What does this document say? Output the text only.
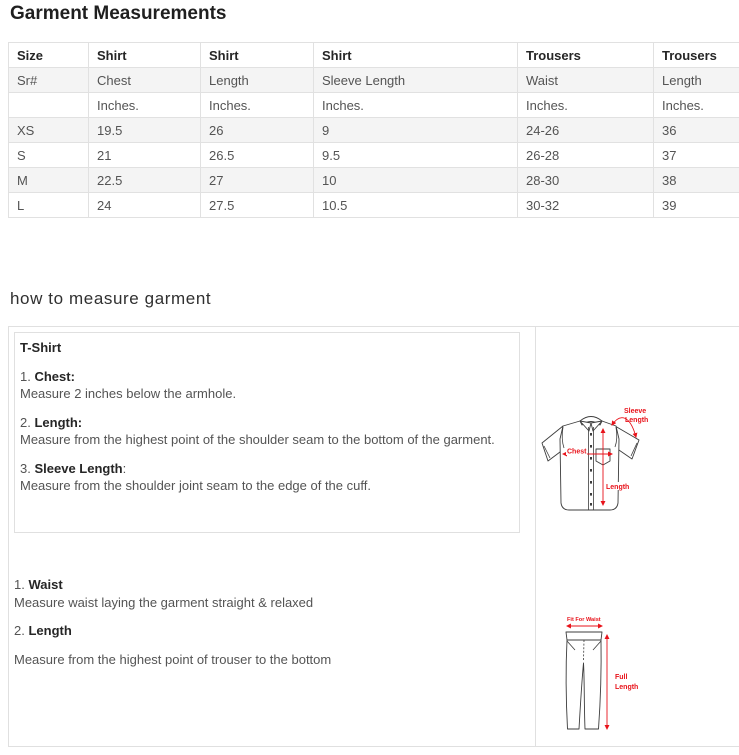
Garment Measurements
Size	Shirt	Shirt	Shirt	Trousers	Trousers
Sr#	Chest	Length	Sleeve Length	Waist	Length
	Inches.	Inches.	Inches.	Inches.	Inches.
XS	19.5	26	9	24-26	36
S	21	26.5	9.5	26-28	37
M	22.5	27	10	28-30	38
L	24	27.5	10.5	30-32	39
how to measure garment
T-Shirt
1. Chest:

Measure 2 inches below the armhole.

2. Length:

Measure from the highest point of the shoulder seam to the bottom of the garment.

3. Sleeve Length:

Measure from the shoulder joint seam to the edge of the cuff.

1. Waist

Measure waist laying the garment straight & relaxed

2. Length

Measure from the highest point of trouser to the bottom

Chest
Length
Sleeve
Length
Fit For Waist
Full
Length
